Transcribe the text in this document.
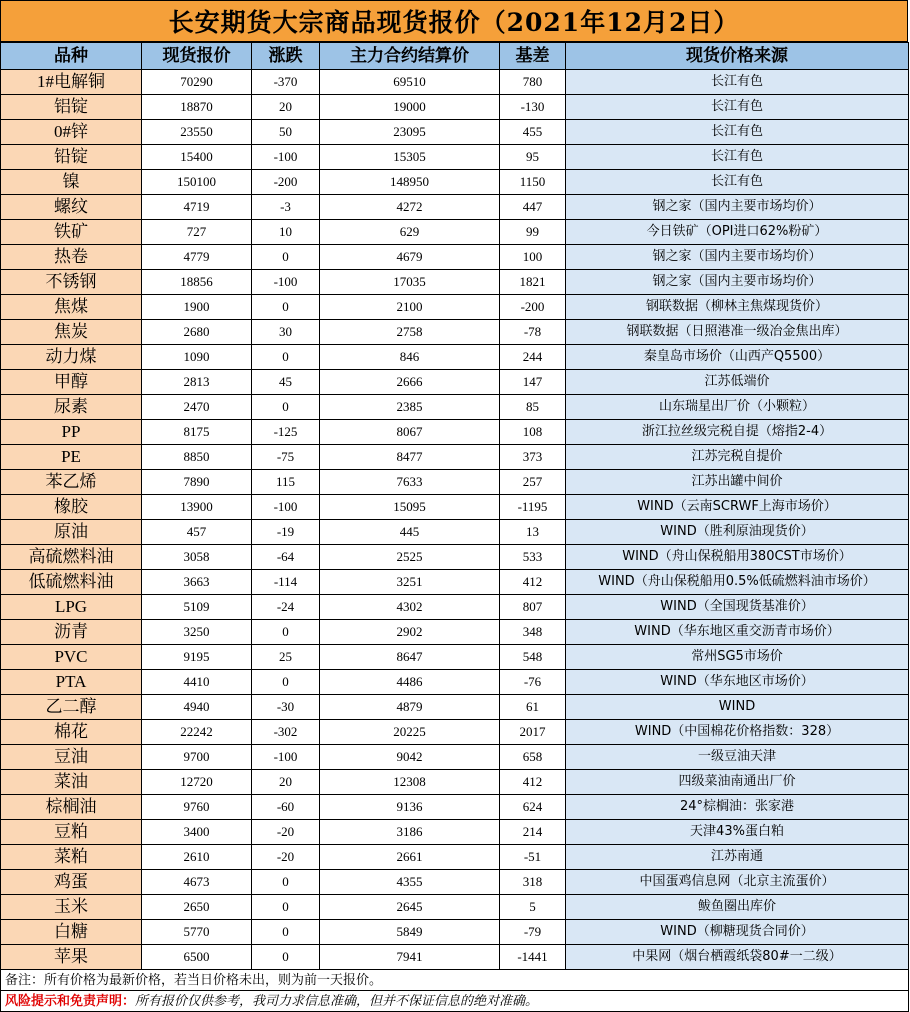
长安期货大宗商品现货报价（2021年12月2日）
品种	现货报价	涨跌	主力合约结算价	基差	现货价格来源
1#电解铜	70290	-370	69510	780	长江有色
铝锭	18870	20	19000	-130	长江有色
0#锌	23550	50	23095	455	长江有色
铅锭	15400	-100	15305	95	长江有色
镍	150100	-200	148950	1150	长江有色
螺纹	4719	-3	4272	447	钢之家（国内主要市场均价）
铁矿	727	10	629	99	今日铁矿（OPI进口62%粉矿）
热卷	4779	0	4679	100	钢之家（国内主要市场均价）
不锈钢	18856	-100	17035	1821	钢之家（国内主要市场均价）
焦煤	1900	0	2100	-200	钢联数据（柳林主焦煤现货价）
焦炭	2680	30	2758	-78	钢联数据（日照港准一级冶金焦出库）
动力煤	1090	0	846	244	秦皇岛市场价（山西产Q5500）
甲醇	2813	45	2666	147	江苏低端价
尿素	2470	0	2385	85	山东瑞星出厂价（小颗粒）
PP	8175	-125	8067	108	浙江拉丝级完税自提（熔指2-4）
PE	8850	-75	8477	373	江苏完税自提价
苯乙烯	7890	115	7633	257	江苏出罐中间价
橡胶	13900	-100	15095	-1195	WIND（云南SCRWF上海市场价）
原油	457	-19	445	13	WIND（胜利原油现货价）
高硫燃料油	3058	-64	2525	533	WIND（舟山保税船用380CST市场价）
低硫燃料油	3663	-114	3251	412	WIND（舟山保税船用0.5%低硫燃料油市场价）
LPG	5109	-24	4302	807	WIND（全国现货基准价）
沥青	3250	0	2902	348	WIND（华东地区重交沥青市场价）
PVC	9195	25	8647	548	常州SG5市场价
PTA	4410	0	4486	-76	WIND（华东地区市场价）
乙二醇	4940	-30	4879	61	WIND
棉花	22242	-302	20225	2017	WIND（中国棉花价格指数：328）
豆油	9700	-100	9042	658	一级豆油天津
菜油	12720	20	12308	412	四级菜油南通出厂价
棕榈油	9760	-60	9136	624	24°棕榈油：张家港
豆粕	3400	-20	3186	214	天津43%蛋白粕
菜粕	2610	-20	2661	-51	江苏南通
鸡蛋	4673	0	4355	318	中国蛋鸡信息网（北京主流蛋价）
玉米	2650	0	2645	5	鲅鱼圈出库价
白糖	5770	0	5849	-79	WIND（柳糖现货合同价）
苹果	6500	0	7941	-1441	中果网（烟台栖霞纸袋80#一二级）
备注：所有价格为最新价格，若当日价格未出，则为前一天报价。					
风险提示和免责声明：所有报价仅供参考，我司力求信息准确，但并不保证信息的绝对准确。					
